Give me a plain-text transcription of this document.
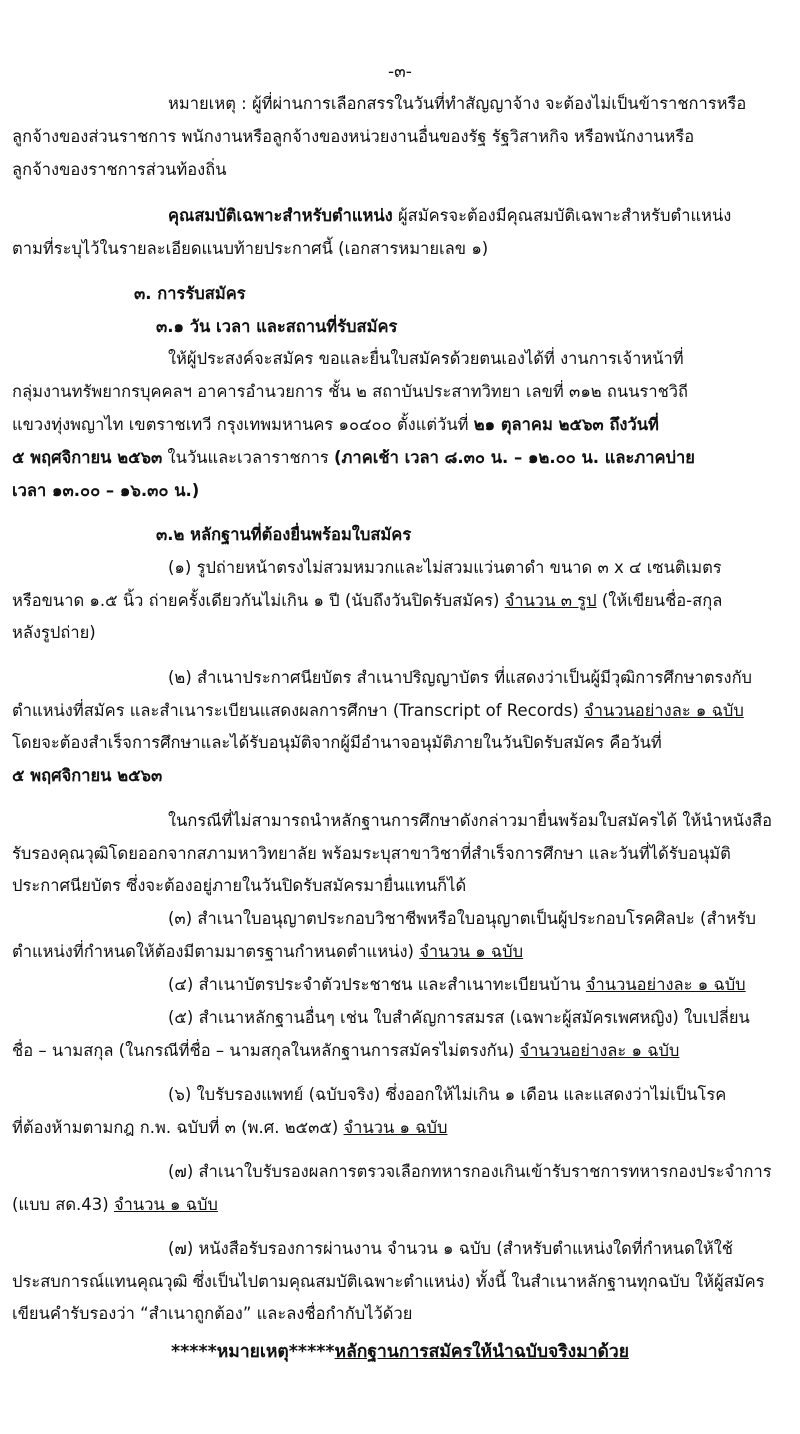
-๓-
หมายเหตุ : ผู้ที่ผ่านการเลือกสรรในวันที่ทำสัญญาจ้าง จะต้องไม่เป็นข้าราชการหรือ
ลูกจ้างของส่วนราชการ พนักงานหรือลูกจ้างของหน่วยงานอื่นของรัฐ รัฐวิสาหกิจ หรือพนักงานหรือ
ลูกจ้างของราชการส่วนท้องถิ่น
คุณสมบัติเฉพาะสำหรับตำแหน่ง ผู้สมัครจะต้องมีคุณสมบัติเฉพาะสำหรับตำแหน่ง
ตามที่ระบุไว้ในรายละเอียดแนบท้ายประกาศนี้ (เอกสารหมายเลข ๑)
๓. การรับสมัคร
๓.๑ วัน เวลา และสถานที่รับสมัคร
ให้ผู้ประสงค์จะสมัคร ขอและยื่นใบสมัครด้วยตนเองได้ที่ งานการเจ้าหน้าที่
กลุ่มงานทรัพยากรบุคคลฯ อาคารอำนวยการ ชั้น ๒ สถาบันประสาทวิทยา เลขที่ ๓๑๒ ถนนราชวิถี
แขวงทุ่งพญาไท เขตราชเทวี กรุงเทพมหานคร ๑๐๔๐๐ ตั้งแต่วันที่ ๒๑ ตุลาคม ๒๕๖๓ ถึงวันที่
๕ พฤศจิกายน ๒๕๖๓ ในวันและเวลาราชการ (ภาคเช้า เวลา ๘.๓๐ น. – ๑๒.๐๐ น. และภาคบ่าย
เวลา ๑๓.๐๐ – ๑๖.๓๐ น.)
๓.๒ หลักฐานที่ต้องยื่นพร้อมใบสมัคร
(๑) รูปถ่ายหน้าตรงไม่สวมหมวกและไม่สวมแว่นตาดำ ขนาด ๓ x ๔ เซนติเมตร
หรือขนาด ๑.๕ นิ้ว ถ่ายครั้งเดียวกันไม่เกิน ๑ ปี (นับถึงวันปิดรับสมัคร) จำนวน ๓ รูป (ให้เขียนชื่อ-สกุล
หลังรูปถ่าย)
(๒) สำเนาประกาศนียบัตร สำเนาปริญญาบัตร ที่แสดงว่าเป็นผู้มีวุฒิการศึกษาตรงกับ
ตำแหน่งที่สมัคร และสำเนาระเบียนแสดงผลการศึกษา (Transcript of Records) จำนวนอย่างละ ๑ ฉบับ
โดยจะต้องสำเร็จการศึกษาและได้รับอนุมัติจากผู้มีอำนาจอนุมัติภายในวันปิดรับสมัคร คือวันที่
๕ พฤศจิกายน ๒๕๖๓
ในกรณีที่ไม่สามารถนำหลักฐานการศึกษาดังกล่าวมายื่นพร้อมใบสมัครได้ ให้นำหนังสือ
รับรองคุณวุฒิโดยออกจากสภามหาวิทยาลัย พร้อมระบุสาขาวิชาที่สำเร็จการศึกษา และวันที่ได้รับอนุมัติ
ประกาศนียบัตร ซึ่งจะต้องอยู่ภายในวันปิดรับสมัครมายื่นแทนก็ได้
(๓) สำเนาใบอนุญาตประกอบวิชาชีพหรือใบอนุญาตเป็นผู้ประกอบโรคศิลปะ (สำหรับ
ตำแหน่งที่กำหนดให้ต้องมีตามมาตรฐานกำหนดตำแหน่ง) จำนวน ๑ ฉบับ
(๔) สำเนาบัตรประจำตัวประชาชน และสำเนาทะเบียนบ้าน จำนวนอย่างละ ๑ ฉบับ
(๕) สำเนาหลักฐานอื่นๆ เช่น ใบสำคัญการสมรส (เฉพาะผู้สมัครเพศหญิง) ใบเปลี่ยน
ชื่อ – นามสกุล (ในกรณีที่ชื่อ – นามสกุลในหลักฐานการสมัครไม่ตรงกัน) จำนวนอย่างละ ๑ ฉบับ
(๖) ใบรับรองแพทย์ (ฉบับจริง) ซึ่งออกให้ไม่เกิน ๑ เดือน และแสดงว่าไม่เป็นโรค
ที่ต้องห้ามตามกฎ ก.พ. ฉบับที่ ๓ (พ.ศ. ๒๕๓๕) จำนวน ๑ ฉบับ
(๗) สำเนาใบรับรองผลการตรวจเลือกทหารกองเกินเข้ารับราชการทหารกองประจำการ
(แบบ สด.43) จำนวน ๑ ฉบับ
(๗) หนังสือรับรองการผ่านงาน จำนวน ๑ ฉบับ (สำหรับตำแหน่งใดที่กำหนดให้ใช้
ประสบการณ์แทนคุณวุฒิ ซึ่งเป็นไปตามคุณสมบัติเฉพาะตำแหน่ง) ทั้งนี้ ในสำเนาหลักฐานทุกฉบับ ให้ผู้สมัคร
เขียนคำรับรองว่า “สำเนาถูกต้อง” และลงชื่อกำกับไว้ด้วย
*****หมายเหตุ*****หลักฐานการสมัครให้นำฉบับจริงมาด้วย
